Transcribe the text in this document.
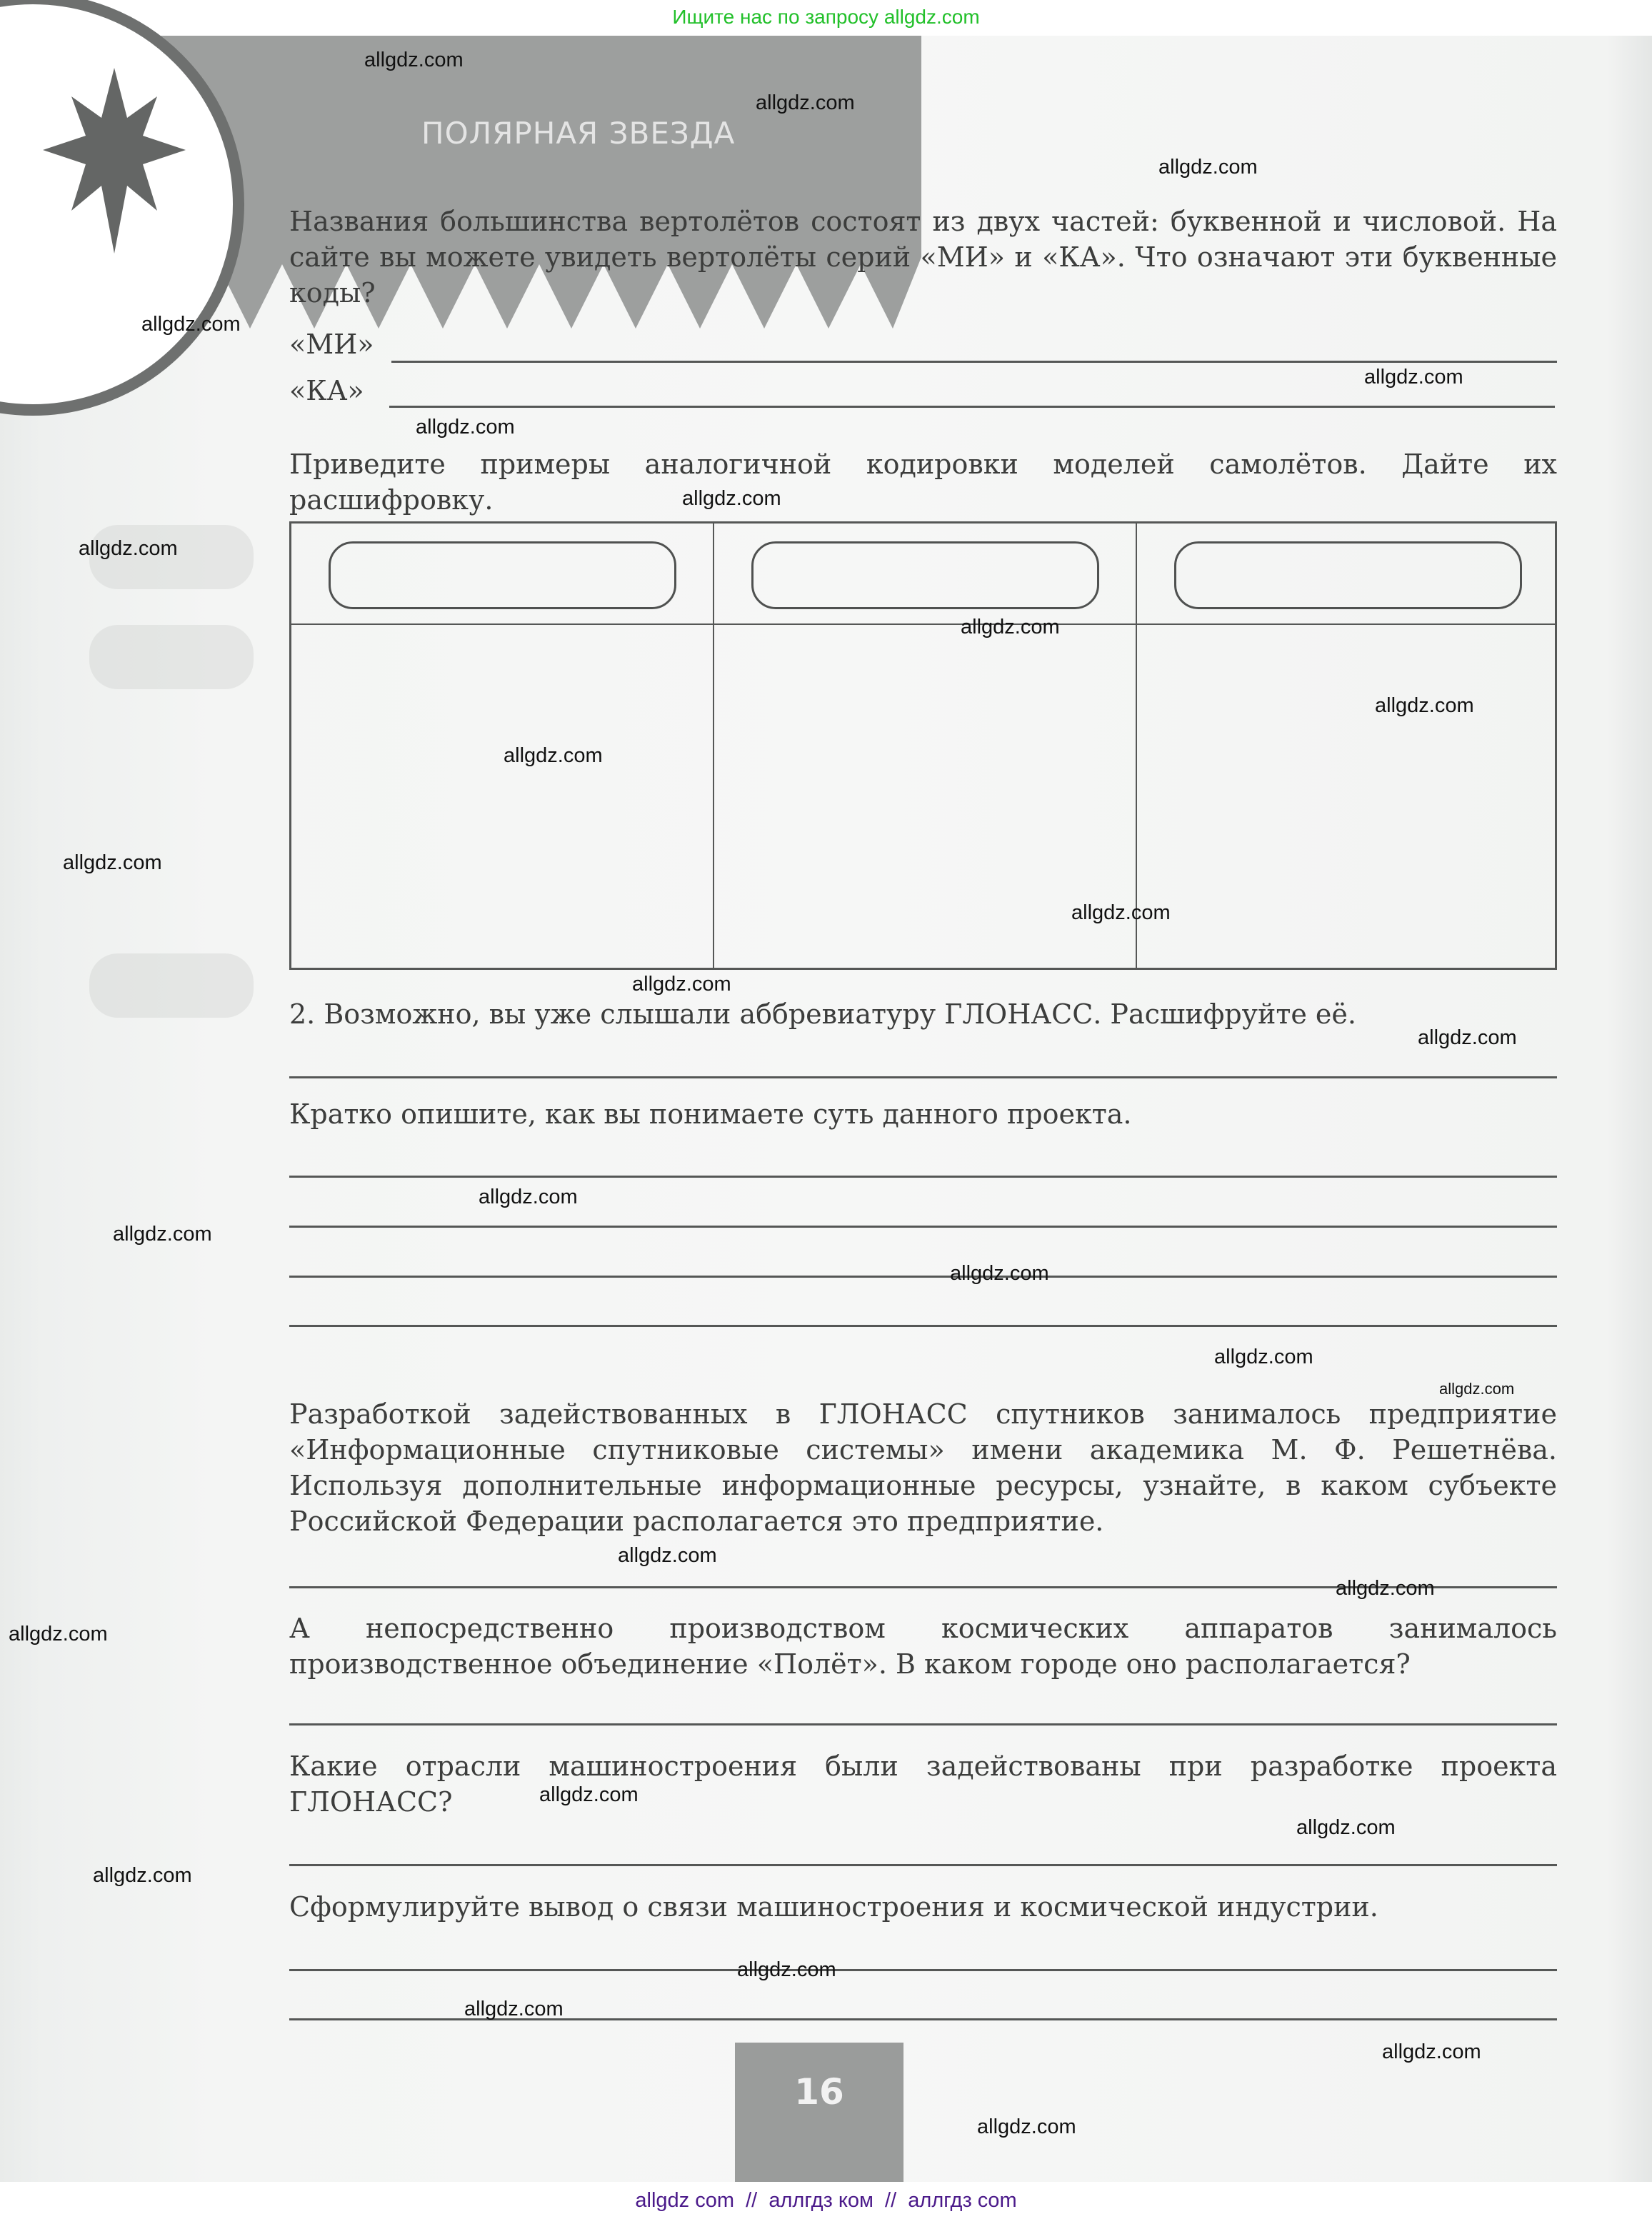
Ищите нас по запросу allgdz.com
ПОЛЯРНАЯ ЗВЕЗДА
Названия большинства вертолётов состоят из двух частей: буквенной и числовой. На сайте вы можете увидеть вертолёты серий «МИ» и «КА». Что означают эти буквенные коды?
«МИ»
«КА»
Приведите примеры аналогичной кодировки моделей самолётов. Дайте их расшифровку.
2. Возможно, вы уже слышали аббревиатуру ГЛОНАСС. Расшифруйте её.
Кратко опишите, как вы понимаете суть данного проекта.
Разработкой задействованных в ГЛОНАСС спутников занималось предприятие «Информационные спутниковые системы» имени академика М. Ф. Решетнёва. Используя дополнительные информационные ресурсы, узнайте, в каком субъекте Российской Федерации располагается это предприятие.
А непосредственно производством космических аппаратов занималось производственное объединение «Полёт». В каком городе оно располагается?
Какие отрасли машиностроения были задействованы при разработке проекта ГЛОНАСС?
Сформулируйте вывод о связи машиностроения и космической индустрии.
16
allgdz.com
allgdz.com
allgdz.com
allgdz.com
allgdz.com
allgdz.com
allgdz.com
allgdz.com
allgdz.com
allgdz.com
allgdz.com
allgdz.com
allgdz.com
allgdz.com
allgdz.com
allgdz.com
allgdz.com
allgdz.com
allgdz.com
allgdz.com
allgdz.com
allgdz.com
allgdz.com
allgdz.com
allgdz.com
allgdz.com
allgdz.com
allgdz.com
allgdz.com
allgdz.com
allgdz com  //  аллгдз ком  //  аллгдз com
